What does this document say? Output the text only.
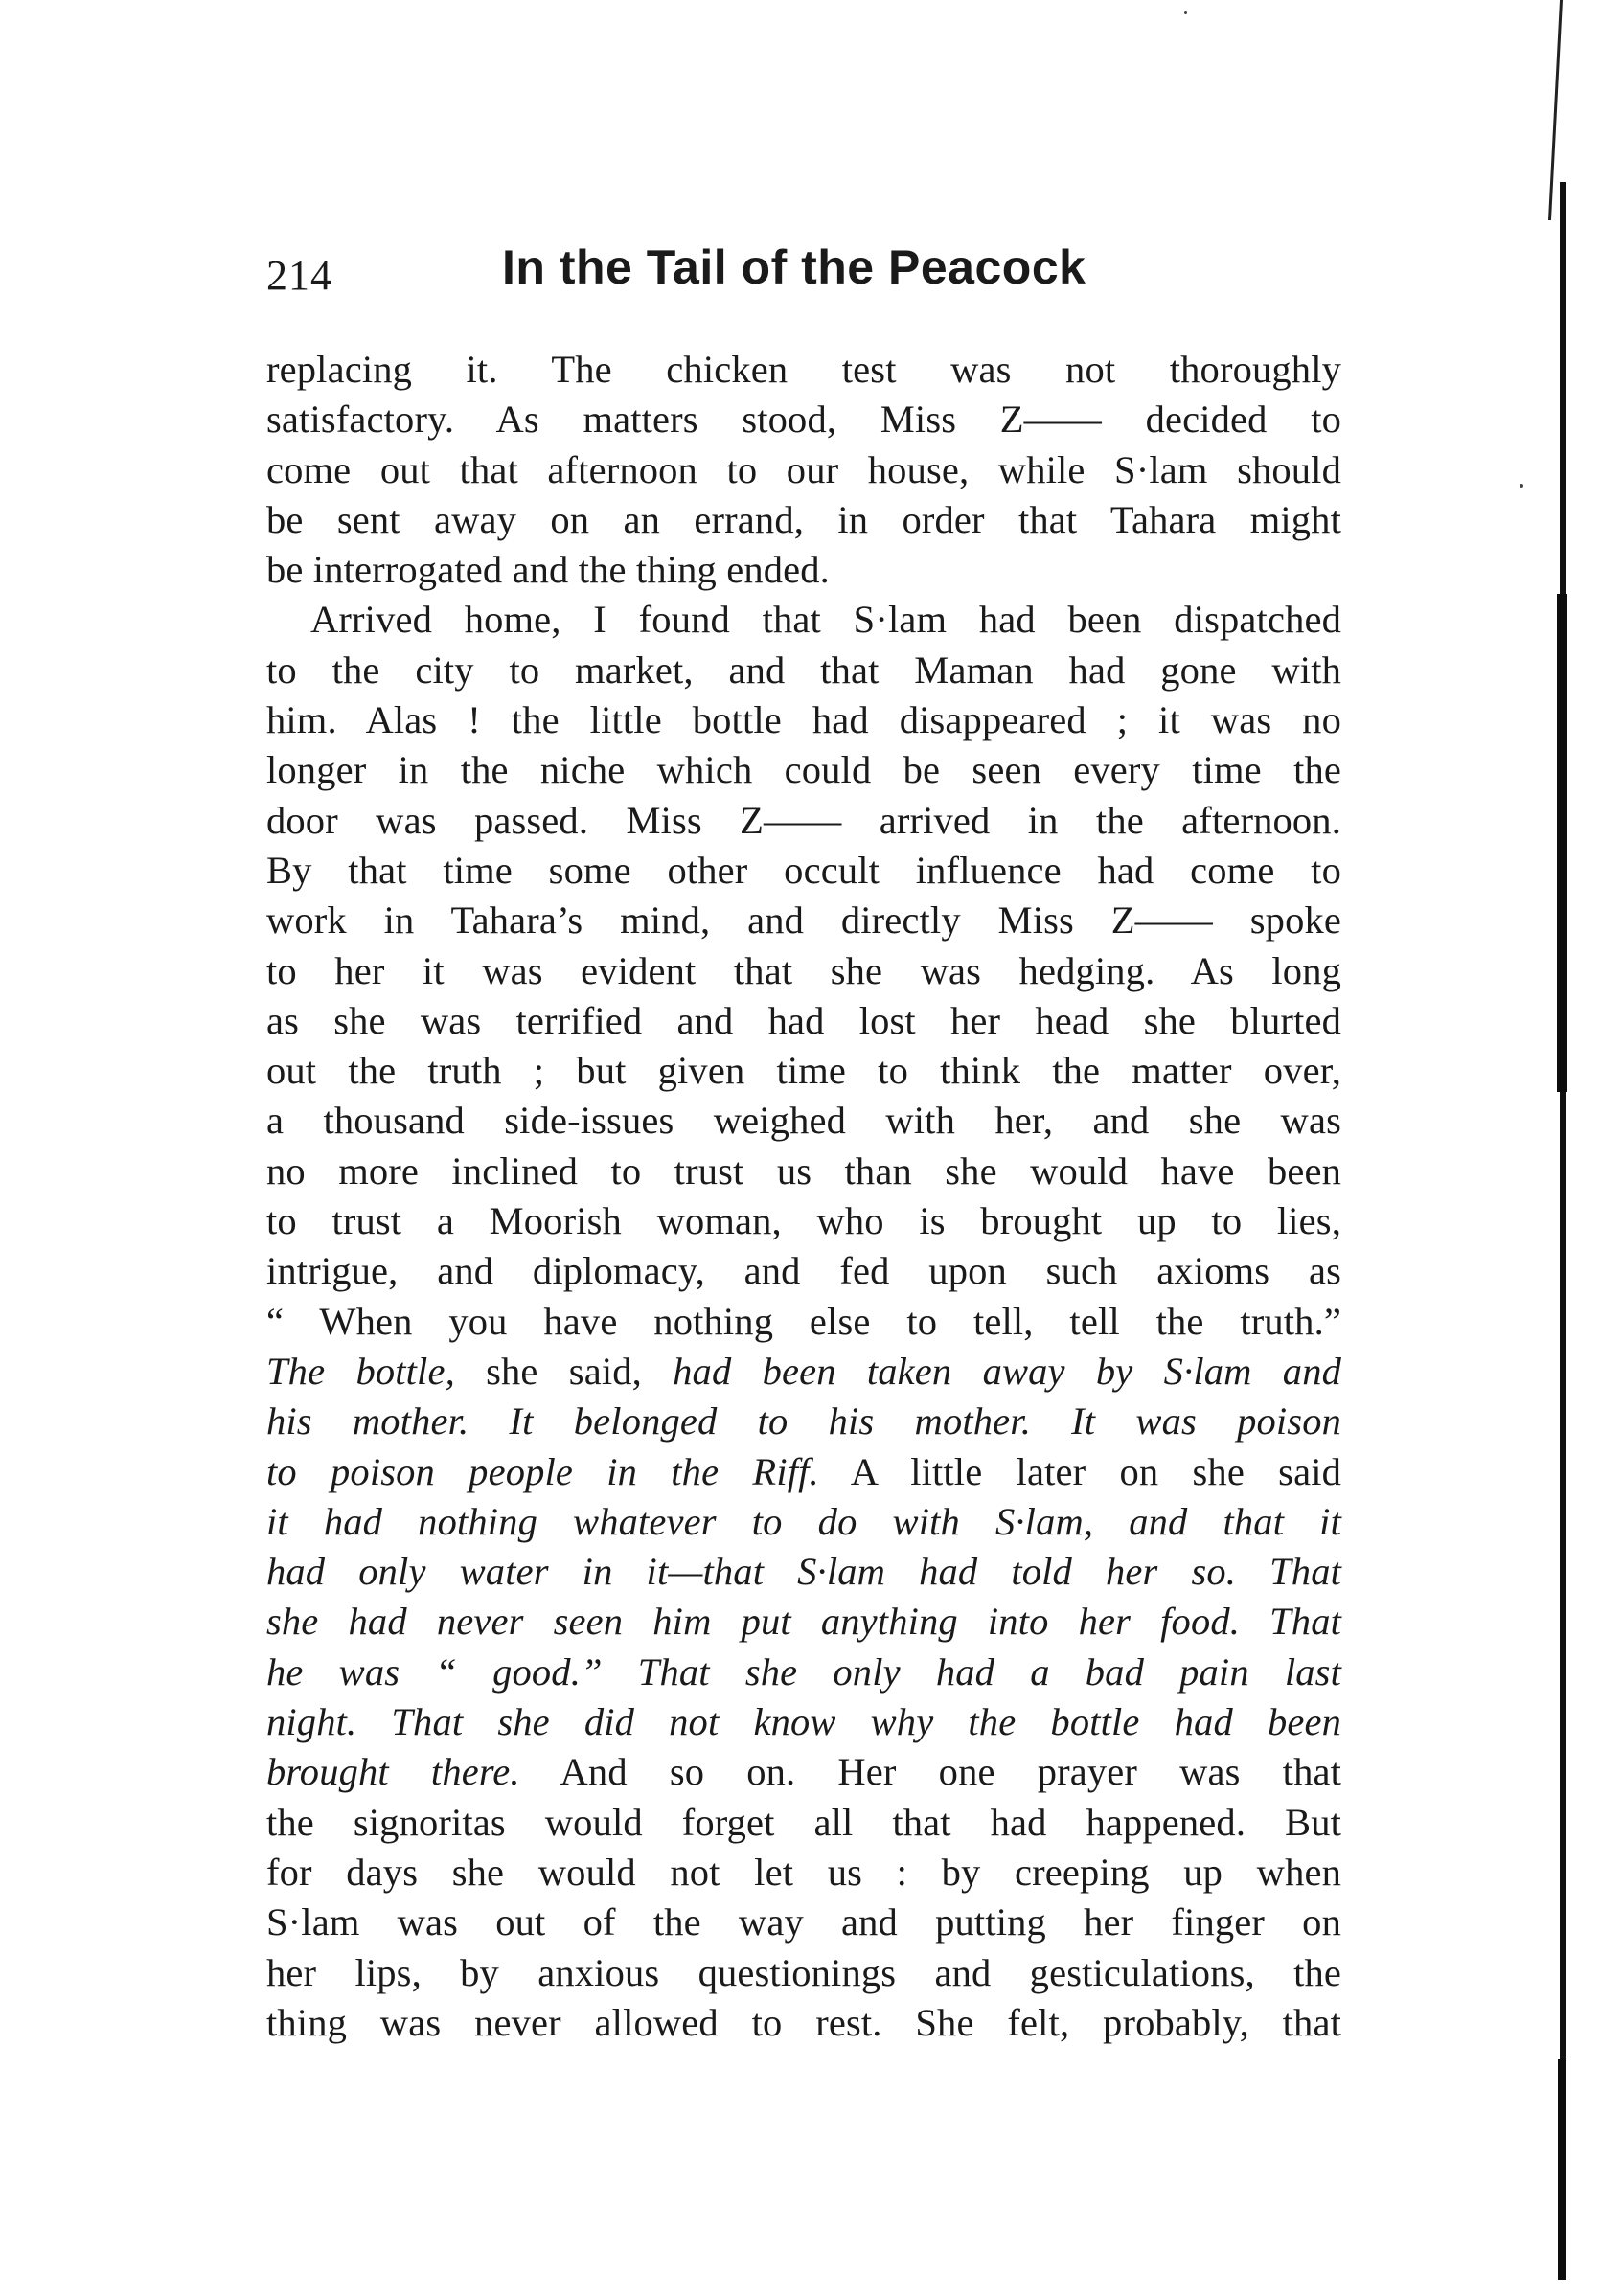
214	In the Tail of the Peacock
replacing it. The chicken test was not thoroughly
satisfactory. As matters stood, Miss Z—— decided to
come out that afternoon to our house, while S·lam should
be sent away on an errand, in order that Tahara might
be interrogated and the thing ended.
Arrived home, I found that S·lam had been dispatched
to the city to market, and that Maman had gone with
him. Alas ! the little bottle had disappeared ; it was no
longer in the niche which could be seen every time the
door was passed. Miss Z—— arrived in the afternoon.
By that time some other occult influence had come to
work in Tahara’s mind, and directly Miss Z—— spoke
to her it was evident that she was hedging. As long
as she was terrified and had lost her head she blurted
out the truth ; but given time to think the matter over,
a thousand side-issues weighed with her, and she was
no more inclined to trust us than she would have been
to trust a Moorish woman, who is brought up to lies,
intrigue, and diplomacy, and fed upon such axioms as
“ When you have nothing else to tell, tell the truth.”
The bottle, she said, had been taken away by S·lam and
his mother. It belonged to his mother. It was poison
to poison people in the Riff. A little later on she said
it had nothing whatever to do with S·lam, and that it
had only water in it—that S·lam had told her so. That
she had never seen him put anything into her food. That
he was “ good.” That she only had a bad pain last
night. That she did not know why the bottle had been
brought there. And so on. Her one prayer was that
the signoritas would forget all that had happened. But
for days she would not let us : by creeping up when
S·lam was out of the way and putting her finger on
her lips, by anxious questionings and gesticulations, the
thing was never allowed to rest. She felt, probably, that
